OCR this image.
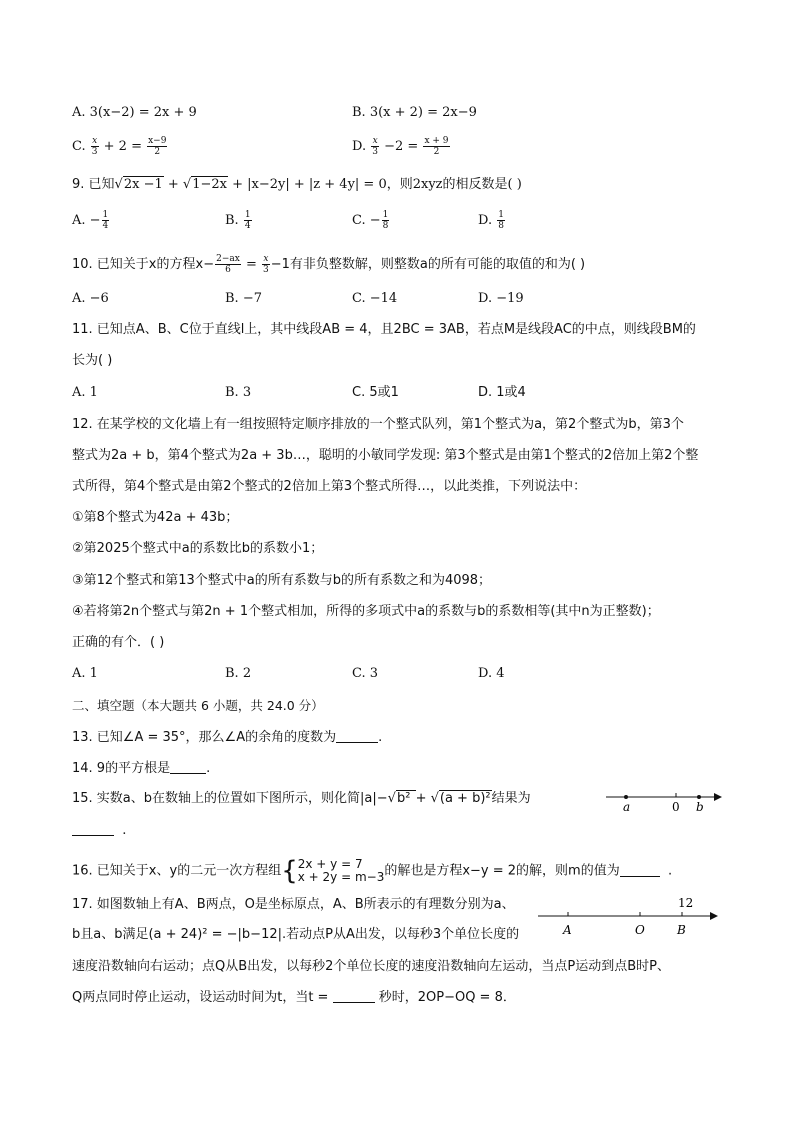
A. 3(x−2) = 2x + 9	B. 3(x + 2) = 2x−9
C. $\frac{x}{3} + 2 = \frac{x-9}{2}$	D. $\frac{x}{3} -2 = \frac{x + 9}{2}$
9. 已知√2x −1 + √1−2x + |x−2y| + |z + 4y| = 0，则2xyz的相反数是( )
A. − $\frac{1}{4}$	B. $\frac{1}{4}$	C. − $\frac{1}{8}$	D. $\frac{1}{8}$
10. 已知关于x的方程$x- \frac{2-ax}{6} = \frac{x}{3} -1$有非负整数解，则整数a的所有可能的取值的和为( )
A. −6	B. −7	C. −14	D. −19
11. 已知点A、B、C位于直线l上，其中线段AB = 4，且2BC = 3AB，若点M是线段AC的中点，则线段BM的
长为( )
A. 1	B. 3	C. 5或1	D. 1或4
12. 在某学校的文化墙上有一组按照特定顺序排放的一个整式队列，第1个整式为a，第2个整式为b，第3个
整式为2a + b，第4个整式为2a + 3b…，聪明的小敏同学发现: 第3个整式是由第1个整式的2倍加上第2个整
式所得，第4个整式是由第2个整式的2倍加上第3个整式所得…，以此类推，下列说法中：
①第8个整式为42a + 43b；
②第2025个整式中a的系数比b的系数小1；
③第12个整式和第13个整式中a的所有系数与b的所有系数之和为4098；
④若将第2n个整式与第2n + 1个整式相加，所得的多项式中a的系数与b的系数相等(其中n为正整数)；
正确的有个．( )
A. 1	B. 2	C. 3	D. 4
二、填空题（本大题共 6 小题，共 24.0 分）
13. 已知∠A = 35°，那么∠A的余角的度数为	.
14. 9的平方根是	.
15. 实数a、b在数轴上的位置如下图所示，则化简|a|−√b² + √(a + b)²结果为
.
a	0 b
16. 已知关于x、y的二元一次方程组{ 2x + y = 7
x + 2y = m−3 的解也是方程x−y = 2的解，则m的值为	.
17. 如图数轴上有A、B两点，O是坐标原点，A、B所表示的有理数分别为a、
b且a、b满足(a + 24)² = −|b−12|.若动点P从A出发，以每秒3个单位长度的
速度沿数轴向右运动；点Q从B出发，以每秒2个单位长度的速度沿数轴向左运动，当点P运动到点B时P、
Q两点同时停止运动，设运动时间为t，当t =	秒时，2OP−OQ = 8．
12
A	O	B
